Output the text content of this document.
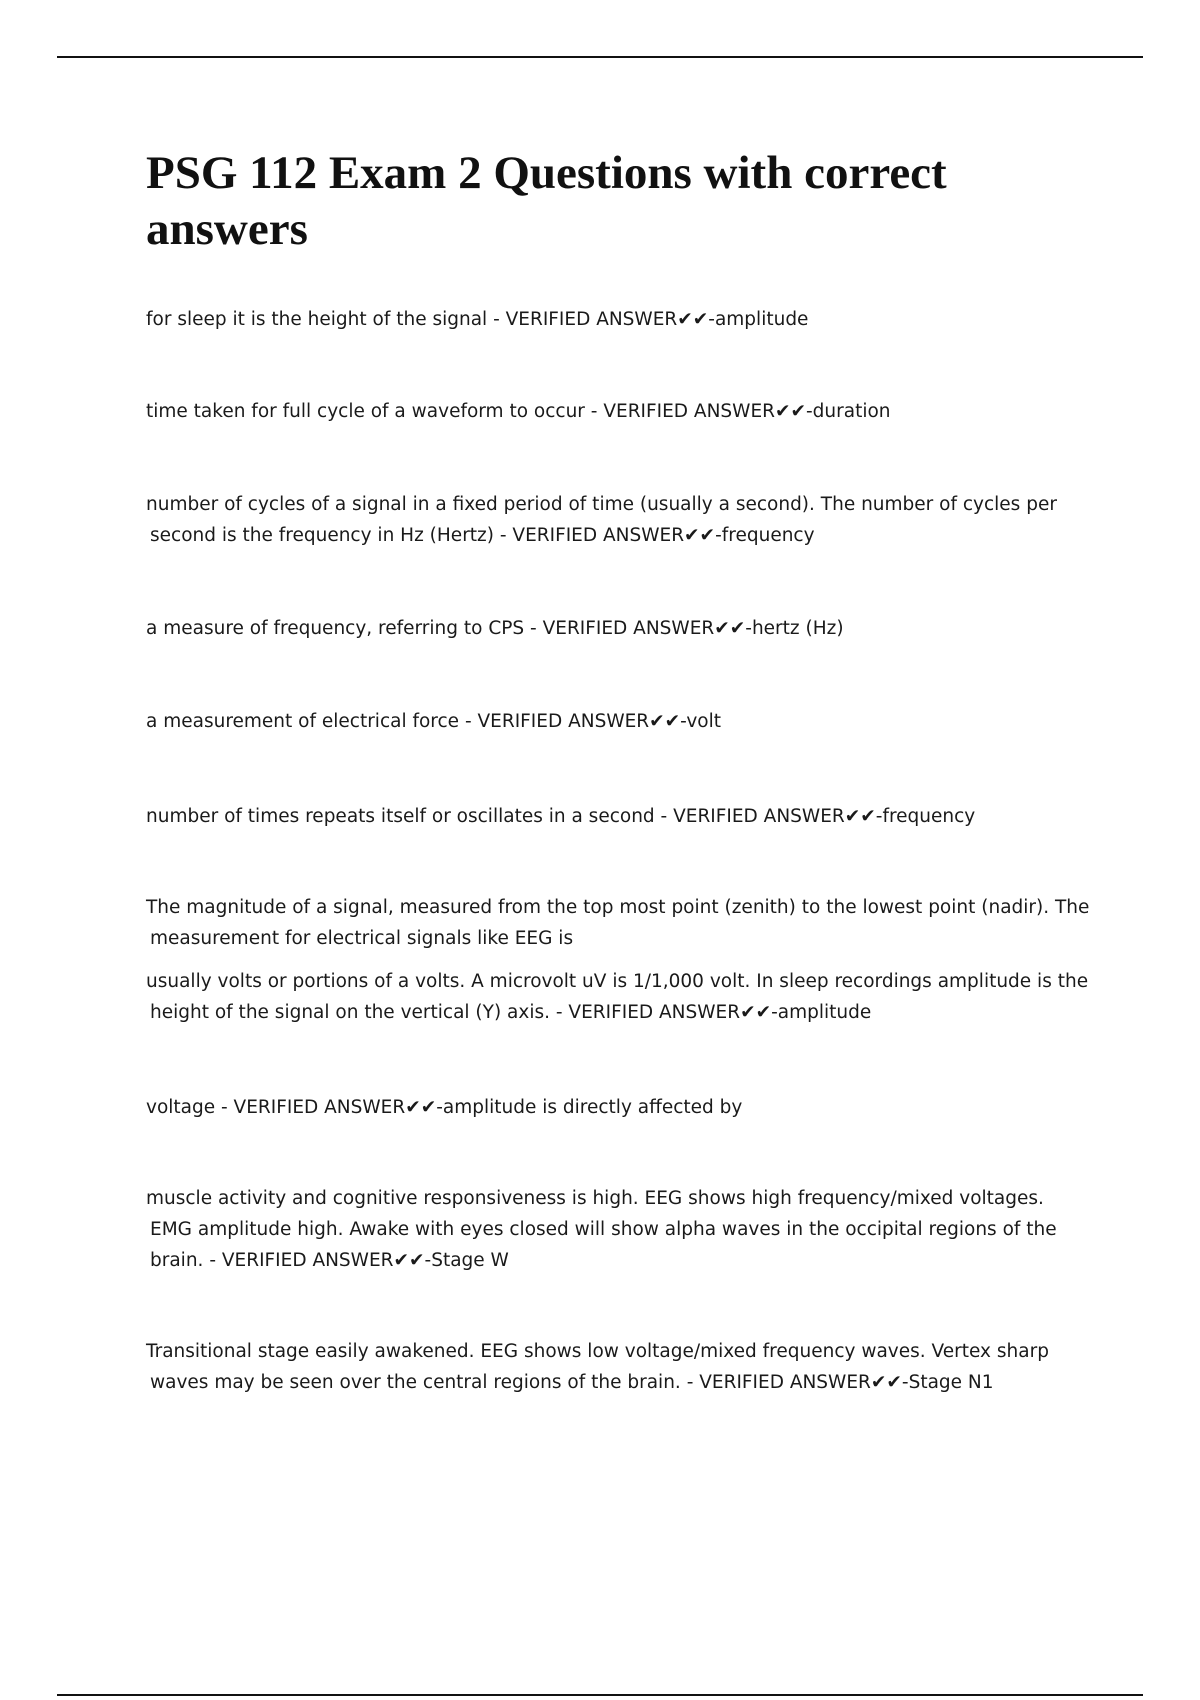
PSG 112 Exam 2 Questions with correct answers

for sleep it is the height of the signal - VERIFIED ANSWER✔✔-amplitude

time taken for full cycle of a waveform to occur - VERIFIED ANSWER✔✔-duration

number of cycles of a signal in a fixed period of time (usually a second). The number of cycles per second is the frequency in Hz (Hertz) - VERIFIED ANSWER✔✔-frequency

a measure of frequency, referring to CPS - VERIFIED ANSWER✔✔-hertz (Hz)

a measurement of electrical force - VERIFIED ANSWER✔✔-volt

number of times repeats itself or oscillates in a second - VERIFIED ANSWER✔✔-frequency

The magnitude of a signal, measured from the top most point (zenith) to the lowest point (nadir). The measurement for electrical signals like EEG is

usually volts or portions of a volts. A microvolt uV is 1/1,000 volt. In sleep recordings amplitude is the height of the signal on the vertical (Y) axis. - VERIFIED ANSWER✔✔-amplitude

voltage - VERIFIED ANSWER✔✔-amplitude is directly affected by

muscle activity and cognitive responsiveness is high. EEG shows high frequency/mixed voltages. EMG amplitude high. Awake with eyes closed will show alpha waves in the occipital regions of the brain. - VERIFIED ANSWER✔✔-Stage W

Transitional stage easily awakened. EEG shows low voltage/mixed frequency waves. Vertex sharp waves may be seen over the central regions of the brain. - VERIFIED ANSWER✔✔-Stage N1
